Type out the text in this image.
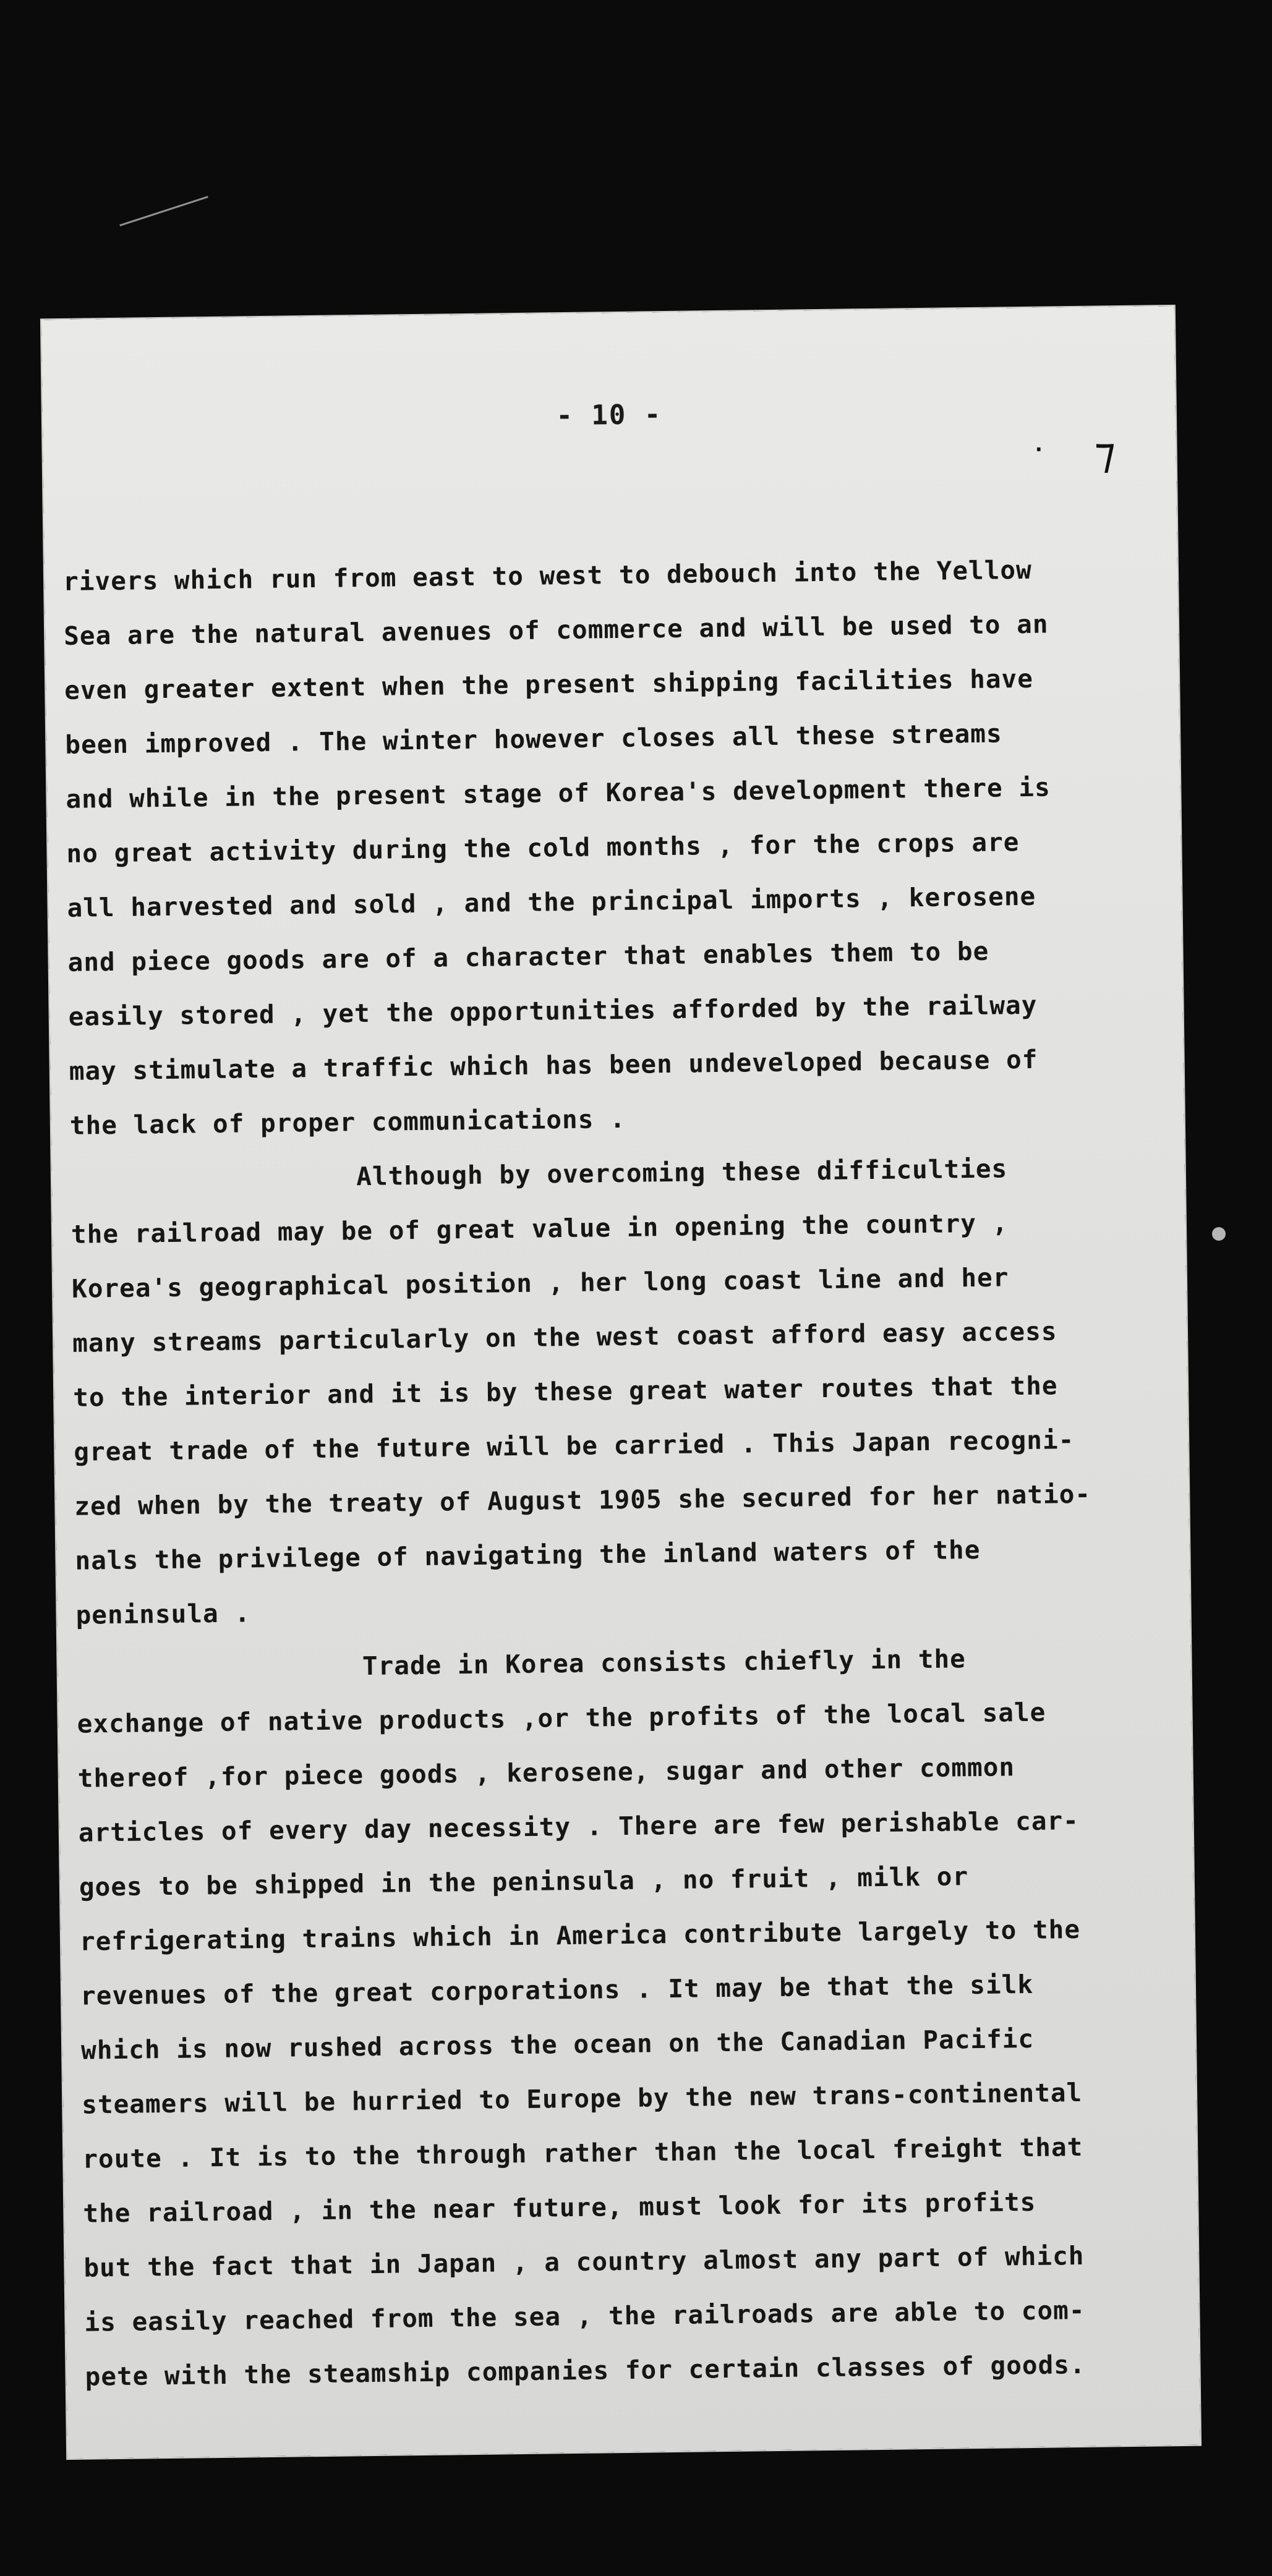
- 10 -
· ⁊
rivers which run from east to west to debouch into the Yellow
Sea are the natural avenues of commerce and will be used to an
even greater extent when the present shipping facilities have
been improved . The winter however closes all these streams
and while in the present stage of Korea's development there is
no great activity during the cold months , for the crops are
all harvested and sold , and the principal imports , kerosene
and piece goods are of a character that enables them to be
easily stored , yet the opportunities afforded by the railway
may stimulate a traffic which has been undeveloped because of
the lack of proper communications .
Although by overcoming these difficulties
the railroad may be of great value in opening the country ,
Korea's geographical position , her long coast line and her
many streams particularly on the west coast afford easy access
to the interior and it is by these great water routes that the
great trade of the future will be carried . This Japan recogni-
zed when by the treaty of August 1905 she secured for her natio-
nals the privilege of navigating the inland waters of the
peninsula .
Trade in Korea consists chiefly in the
exchange of native products ,or the profits of the local sale
thereof ,for piece goods , kerosene, sugar and other common
articles of every day necessity . There are few perishable car-
goes to be shipped in the peninsula , no fruit , milk or
refrigerating trains which in America contribute largely to the
revenues of the great corporations . It may be that the silk
which is now rushed across the ocean on the Canadian Pacific
steamers will be hurried to Europe by the new trans-continental
route . It is to the through rather than the local freight that
the railroad , in the near future, must look for its profits
but the fact that in Japan , a country almost any part of which
is easily reached from the sea , the railroads are able to com-
pete with the steamship companies for certain classes of goods.
